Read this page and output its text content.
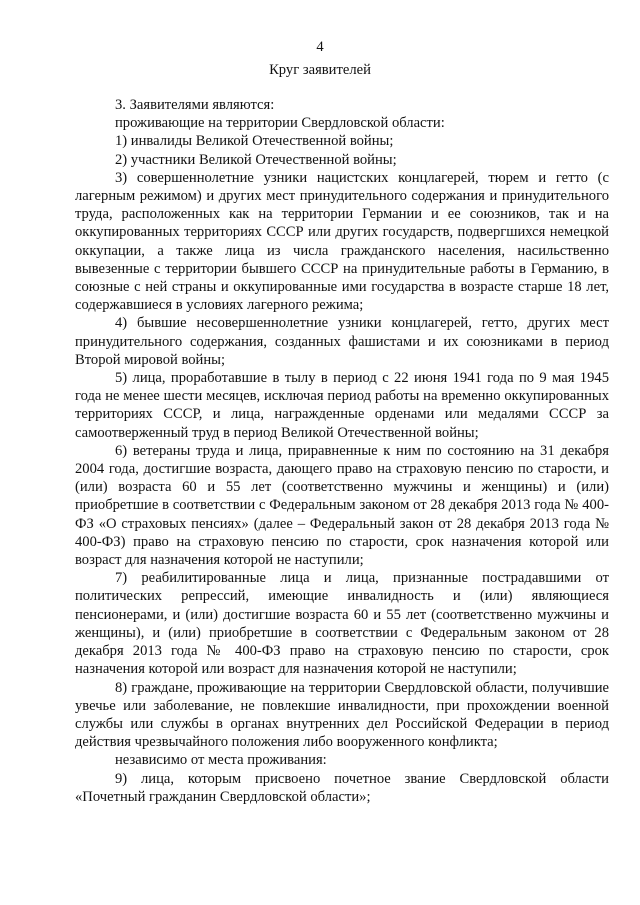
4
Круг заявителей

3. Заявителями являются:

проживающие на территории Свердловской области:

1) инвалиды Великой Отечественной войны;

2) участники Великой Отечественной войны;

3) совершеннолетние узники нацистских концлагерей, тюрем и гетто (с лагерным режимом) и других мест принудительного содержания и принудительного труда, расположенных как на территории Германии и ее союзников, так и на оккупированных территориях СССР или других государств, подвергшихся немецкой оккупации, а также лица из числа гражданского населения, насильственно вывезенные с территории бывшего СССР на принудительные работы в Германию, в союзные с ней страны и оккупированные ими государства в возрасте старше 18 лет, содержавшиеся в условиях лагерного режима;

4) бывшие несовершеннолетние узники концлагерей, гетто, других мест принудительного содержания, созданных фашистами и их союзниками в период Второй мировой войны;

5) лица, проработавшие в тылу в период с 22 июня 1941 года по 9 мая 1945 года не менее шести месяцев, исключая период работы на временно оккупированных территориях СССР, и лица, награжденные орденами или медалями СССР за самоотверженный труд в период Великой Отечественной войны;

6) ветераны труда и лица, приравненные к ним по состоянию на 31 декабря 2004 года, достигшие возраста, дающего право на страховую пенсию по старости, и (или) возраста 60 и 55 лет (соответственно мужчины и женщины) и (или) приобретшие в соответствии с Федеральным законом от 28 декабря 2013 года № 400-ФЗ «О страховых пенсиях» (далее – Федеральный закон от 28 декабря 2013 года № 400-ФЗ) право на страховую пенсию по старости, срок назначения которой или возраст для назначения которой не наступили;

7) реабилитированные лица и лица, признанные пострадавшими от политических репрессий, имеющие инвалидность и (или) являющиеся пенсионерами, и (или) достигшие возраста 60 и 55 лет (соответственно мужчины и женщины), и (или) приобретшие в соответствии с Федеральным законом от 28 декабря 2013 года № 400-ФЗ право на страховую пенсию по старости, срок назначения которой или возраст для назначения которой не наступили;

8) граждане, проживающие на территории Свердловской области, получившие увечье или заболевание, не повлекшие инвалидности, при прохождении военной службы или службы в органах внутренних дел Российской Федерации в период действия чрезвычайного положения либо вооруженного конфликта;

независимо от места проживания:

9) лица, которым присвоено почетное звание Свердловской области «Почетный гражданин Свердловской области»;
